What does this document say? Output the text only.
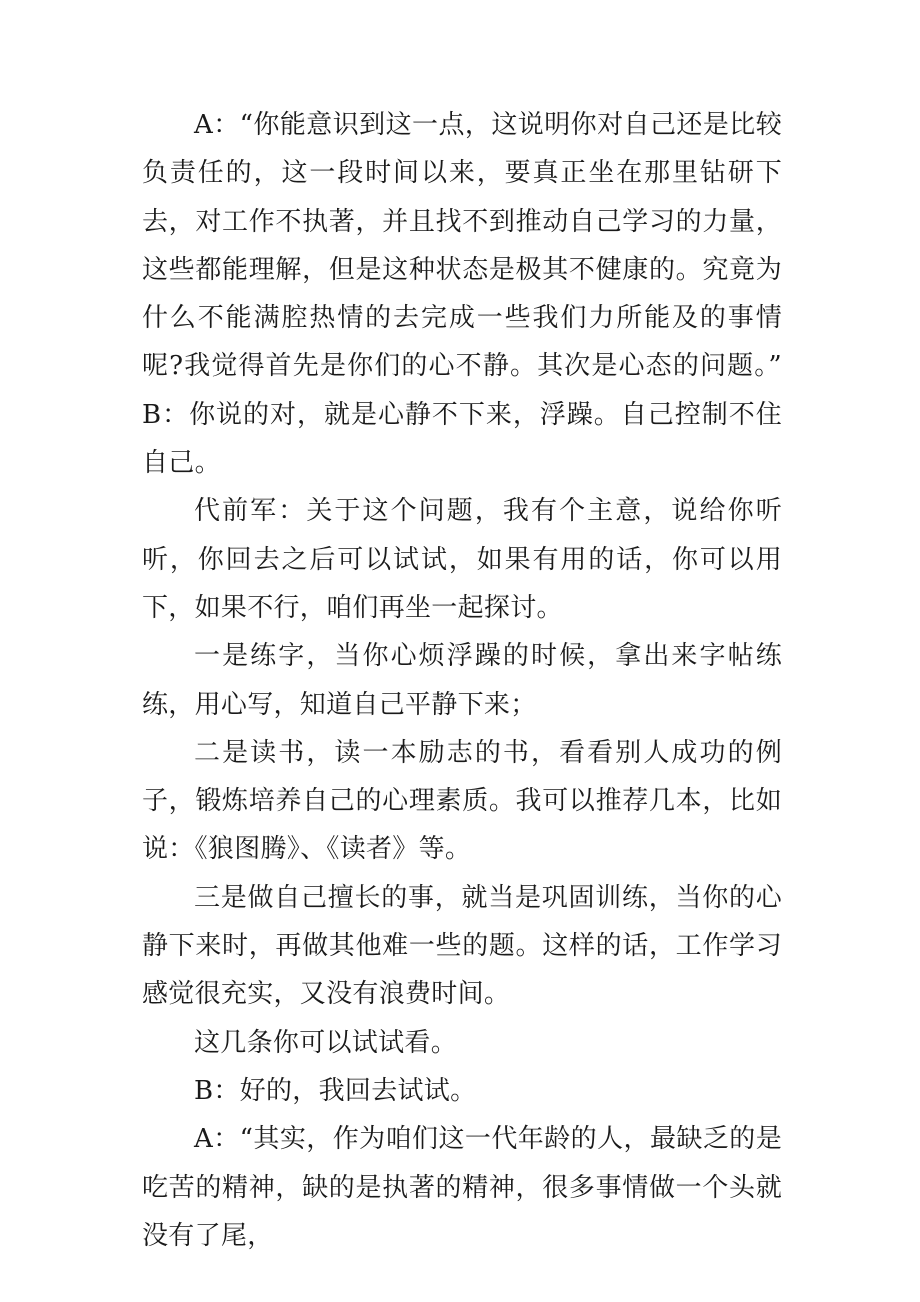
A：“你能意识到这一点，这说明你对自己还是比较负责任的，这一段时间以来，要真正坐在那里钻研下去，对工作不执著，并且找不到推动自己学习的力量，这些都能理解，但是这种状态是极其不健康的。究竟为什么不能满腔热情的去完成一些我们力所能及的事情呢?我觉得首先是你们的心不静。其次是心态的问题。” B：你说的对，就是心静不下来，浮躁。自己控制不住自己。

代前军：关于这个问题，我有个主意，说给你听听，你回去之后可以试试，如果有用的话，你可以用下，如果不行，咱们再坐一起探讨。

一是练字，当你心烦浮躁的时候，拿出来字帖练练，用心写，知道自己平静下来；

二是读书，读一本励志的书，看看别人成功的例子，锻炼培养自己的心理素质。我可以推荐几本，比如说：《狼图腾》、《读者》等。

三是做自己擅长的事，就当是巩固训练，当你的心静下来时，再做其他难一些的题。这样的话，工作学习感觉很充实，又没有浪费时间。

这几条你可以试试看。

B：好的，我回去试试。

A：“其实，作为咱们这一代年龄的人，最缺乏的是吃苦的精神，缺的是执著的精神，很多事情做一个头就没有了尾，
